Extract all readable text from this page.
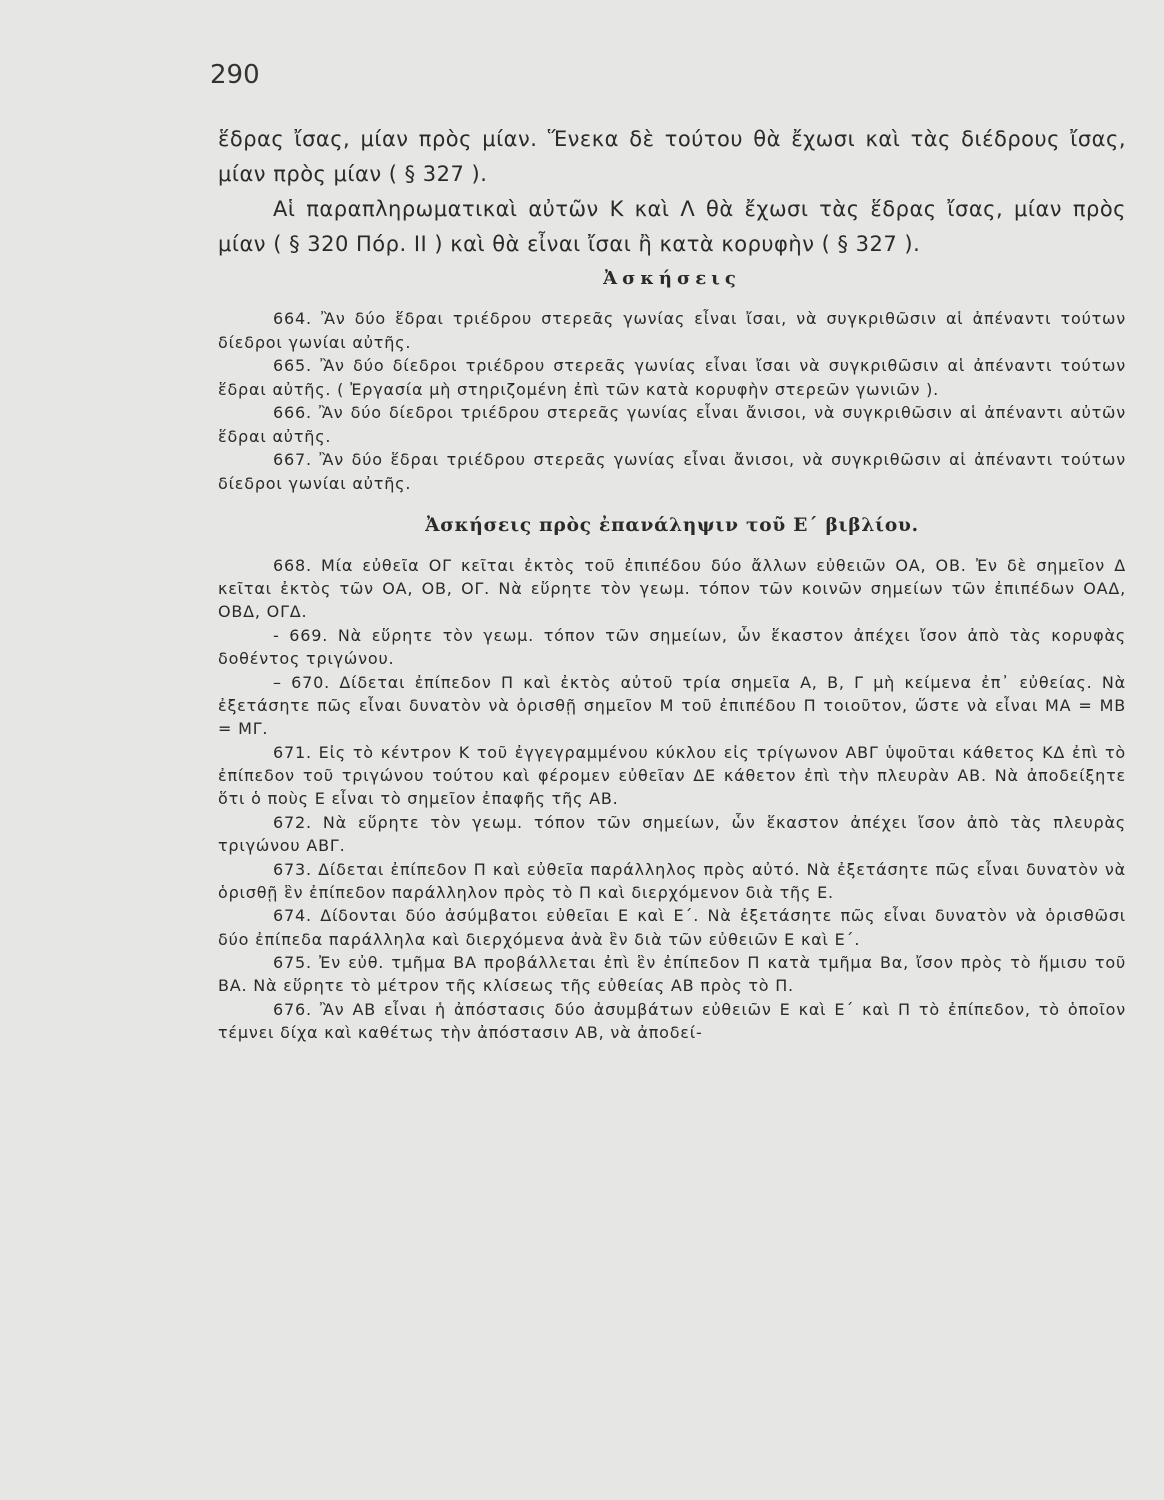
290

ἕδρας ἴσας, μίαν πρὸς μίαν. Ἕνεκα δὲ τούτου θὰ ἔχωσι καὶ τὰς διέδρους ἴσας, μίαν πρὸς μίαν ( § 327 ).

Αἱ παραπληρωματικαὶ αὐτῶν Κ καὶ Λ θὰ ἔχωσι τὰς ἕδρας ἴσας, μίαν πρὸς μίαν ( § 320 Πόρ. ΙΙ ) καὶ θὰ εἶναι ἴσαι ἢ κατὰ κορυφὴν ( § 327 ).

Ἀσκήσεις

664. Ἂν δύο ἕδραι τριέδρου στερεᾶς γωνίας εἶναι ἴσαι, νὰ συγκριθῶσιν αἱ ἀπέναντι τούτων δίεδροι γωνίαι αὐτῆς.

665. Ἂν δύο δίεδροι τριέδρου στερεᾶς γωνίας εἶναι ἴσαι νὰ συγκριθῶσιν αἱ ἀπέναντι τούτων ἕδραι αὐτῆς. ( Ἐργασία μὴ στηριζομένη ἐπὶ τῶν κατὰ κορυφὴν στερεῶν γωνιῶν ).

666. Ἂν δύο δίεδροι τριέδρου στερεᾶς γωνίας εἶναι ἄνισοι, νὰ συγκριθῶσιν αἱ ἀπέναντι αὐτῶν ἕδραι αὐτῆς.

667. Ἂν δύο ἕδραι τριέδρου στερεᾶς γωνίας εἶναι ἄνισοι, νὰ συγκριθῶσιν αἱ ἀπέναντι τούτων δίεδροι γωνίαι αὐτῆς.

Ἀσκήσεις πρὸς ἐπανάληψιν τοῦ Ε΄ βιβλίου.

668. Μία εὐθεῖα ΟΓ κεῖται ἐκτὸς τοῦ ἐπιπέδου δύο ἄλλων εὐθειῶν ΟΑ, ΟΒ. Ἐν δὲ σημεῖον Δ κεῖται ἐκτὸς τῶν ΟΑ, ΟΒ, ΟΓ. Νὰ εὕρητε τὸν γεωμ. τόπον τῶν κοινῶν σημείων τῶν ἐπιπέδων ΟΑΔ, ΟΒΔ, ΟΓΔ.

- 669. Νὰ εὕρητε τὸν γεωμ. τόπον τῶν σημείων, ὧν ἕκαστον ἀπέχει ἴσον ἀπὸ τὰς κορυφὰς δοθέντος τριγώνου.

– 670. Δίδεται ἐπίπεδον Π καὶ ἐκτὸς αὐτοῦ τρία σημεῖα Α, Β, Γ μὴ κείμενα ἐπ᾽ εὐθείας. Νὰ ἐξετάσητε πῶς εἶναι δυνατὸν νὰ ὁρισθῇ σημεῖον Μ τοῦ ἐπιπέδου Π τοιοῦτον, ὥστε νὰ εἶναι ΜΑ = ΜΒ = ΜΓ.

671. Εἰς τὸ κέντρον Κ τοῦ ἐγγεγραμμένου κύκλου εἰς τρίγωνον ΑΒΓ ὑψοῦται κάθετος ΚΔ ἐπὶ τὸ ἐπίπεδον τοῦ τριγώνου τούτου καὶ φέρομεν εὐθεῖαν ΔΕ κάθετον ἐπὶ τὴν πλευρὰν ΑΒ. Νὰ ἀποδείξητε ὅτι ὁ ποὺς Ε εἶναι τὸ σημεῖον ἐπαφῆς τῆς ΑΒ.

672. Νὰ εὕρητε τὸν γεωμ. τόπον τῶν σημείων, ὧν ἕκαστον ἀπέχει ἴσον ἀπὸ τὰς πλευρὰς τριγώνου ΑΒΓ.

673. Δίδεται ἐπίπεδον Π καὶ εὐθεῖα παράλληλος πρὸς αὐτό. Νὰ ἐξετάσητε πῶς εἶναι δυνατὸν νὰ ὁρισθῇ ἓν ἐπίπεδον παράλληλον πρὸς τὸ Π καὶ διερχόμενον διὰ τῆς Ε.

674. Δίδονται δύο ἀσύμβατοι εὐθεῖαι Ε καὶ Ε΄. Νὰ ἐξετάσητε πῶς εἶναι δυνατὸν νὰ ὁρισθῶσι δύο ἐπίπεδα παράλληλα καὶ διερχόμενα ἀνὰ ἓν διὰ τῶν εὐθειῶν Ε καὶ Ε΄.

675. Ἐν εὐθ. τμῆμα ΒΑ προβάλλεται ἐπὶ ἓν ἐπίπεδον Π κατὰ τμῆμα Βα, ἴσον πρὸς τὸ ἥμισυ τοῦ ΒΑ. Νὰ εὕρητε τὸ μέτρον τῆς κλίσεως τῆς εὐθείας ΑΒ πρὸς τὸ Π.

676. Ἂν ΑΒ εἶναι ἡ ἀπόστασις δύο ἀσυμβάτων εὐθειῶν Ε καὶ Ε΄ καὶ Π τὸ ἐπίπεδον, τὸ ὁποῖον τέμνει δίχα καὶ καθέτως τὴν ἀπόστασιν ΑΒ, νὰ ἀποδεί-
